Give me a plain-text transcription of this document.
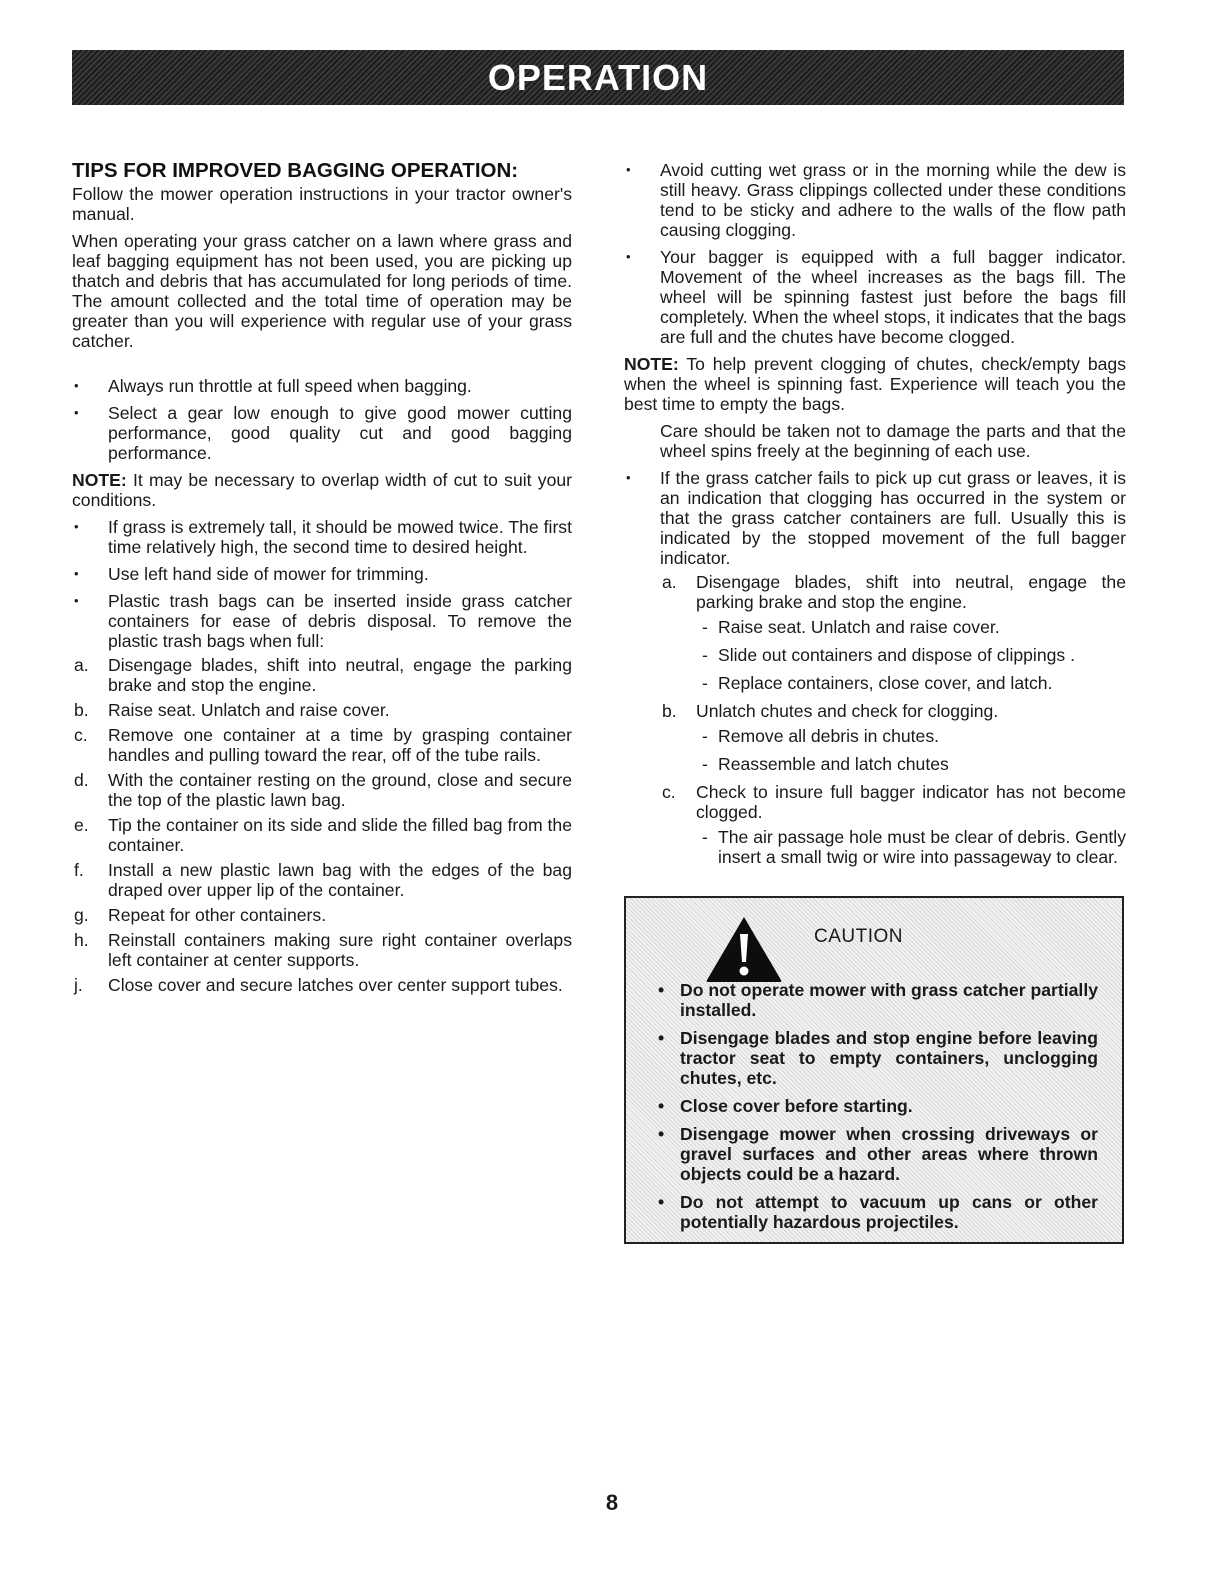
OPERATION
TIPS FOR IMPROVED BAGGING OPERATION:

Follow the mower operation instructions in your tractor owner's manual.

When operating your grass catcher on a lawn where grass and leaf bagging equipment has not been used, you are picking up thatch and debris that has accumulated for long periods of time. The amount collected and the total time of operation may be greater than you will experience with regular use of your grass catcher.

• Always run throttle at full speed when bagging.
• Select a gear low enough to give good mower cutting performance, good quality cut and good bagging performance.

NOTE: It may be necessary to overlap width of cut to suit your conditions.

• If grass is extremely tall, it should be mowed twice. The first time relatively high, the second time to desired height.
• Use left hand side of mower for trimming.
• Plastic trash bags can be inserted inside grass catcher containers for ease of debris disposal. To remove the plastic trash bags when full:
a. Disengage blades, shift into neutral, engage the parking brake and stop the engine.
b. Raise seat. Unlatch and raise cover.
c. Remove one container at a time by grasping container handles and pulling toward the rear, off of the tube rails.
d. With the container resting on the ground, close and secure the top of the plastic lawn bag.
e. Tip the container on its side and slide the filled bag from the container.
f. Install a new plastic lawn bag with the edges of the bag draped over upper lip of the container.
g. Repeat for other containers.
h. Reinstall containers making sure right container overlaps left container at center supports.
j. Close cover and secure latches over center support tubes.
• Avoid cutting wet grass or in the morning while the dew is still heavy. Grass clippings collected under these conditions tend to be sticky and adhere to the walls of the flow path causing clogging.
• Your bagger is equipped with a full bagger indicator. Movement of the wheel increases as the bags fill. The wheel will be spinning fastest just before the bags fill completely. When the wheel stops, it indicates that the bags are full and the chutes have become clogged.

NOTE: To help prevent clogging of chutes, check/empty bags when the wheel is spinning fast. Experience will teach you the best time to empty the bags.

Care should be taken not to damage the parts and that the wheel spins freely at the beginning of each use.

• If the grass catcher fails to pick up cut grass or leaves, it is an indication that clogging has occurred in the system or that the grass catcher containers are full. Usually this is indicated by the stopped movement of the full bagger indicator.
a. Disengage blades, shift into neutral, engage the parking brake and stop the engine.
- Raise seat. Unlatch and raise cover.
- Slide out containers and dispose of clippings .
- Replace containers, close cover, and latch.
b. Unlatch chutes and check for clogging.
- Remove all debris in chutes.
- Reassemble and latch chutes
c. Check to insure full bagger indicator has not become clogged.
- The air passage hole must be clear of debris. Gently insert a small twig or wire into passageway to clear.
CAUTION
• Do not operate mower with grass catcher partially installed.
• Disengage blades and stop engine before leaving tractor seat to empty containers, unclogging chutes, etc.
• Close cover before starting.
• Disengage mower when crossing driveways or gravel surfaces and other areas where thrown objects could be a hazard.
• Do not attempt to vacuum up cans or other potentially hazardous projectiles.
8
